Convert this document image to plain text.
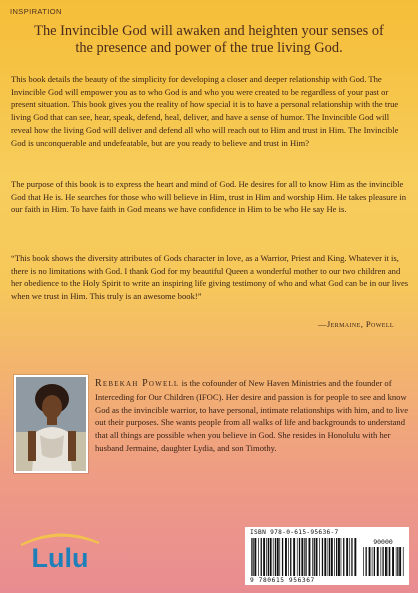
INSPIRATION
The Invincible God will awaken and heighten your senses of the presence and power of the true living God.

This book details the beauty of the simplicity for developing a closer and deeper relationship with God. The Invincible God will empower you as to who God is and who you were created to be regardless of your past or present situation. This book gives you the reality of how special it is to have a personal relationship with the true living God that can see, hear, speak, defend, heal, deliver, and have a sense of humor. The Invincible God will reveal how the living God will deliver and defend all who will reach out to Him and trust in Him. The Invincible God is unconquerable and undefeatable, but are you ready to believe and trust in Him?

The purpose of this book is to express the heart and mind of God. He desires for all to know Him as the invincible God that He is. He searches for those who will believe in Him, trust in Him and worship Him. He takes pleasure in our faith in Him. To have faith in God means we have confidence in Him to be who He say He is.

“This book shows the diversity attributes of Gods character in love, as a Warrior, Priest and King. Whatever it is, there is no limitations with God. I thank God for my beautiful Queen a wonderful mother to our two children and her obedience to the Holy Spirit to write an inspiring life giving testimony of who and what God can be in our lives when we trust in Him. This truly is an awesome book!”

—Jermaine, Powell

Rebekah Powell is the cofounder of New Haven Ministries and the founder of Interceding for Our Children (IFOC). Her desire and passion is for people to see and know God as the invincible warrior, to have personal, intimate relationships with him, and to live out their purposes. She wants people from all walks of life and backgrounds to understand that all things are possible when you believe in God. She resides in Honolulu with her husband Jermaine, daughter Lydia, and son Timothy.

Lulu
ISBN 978-0-615-95636-7
90000
9 780615 956367
